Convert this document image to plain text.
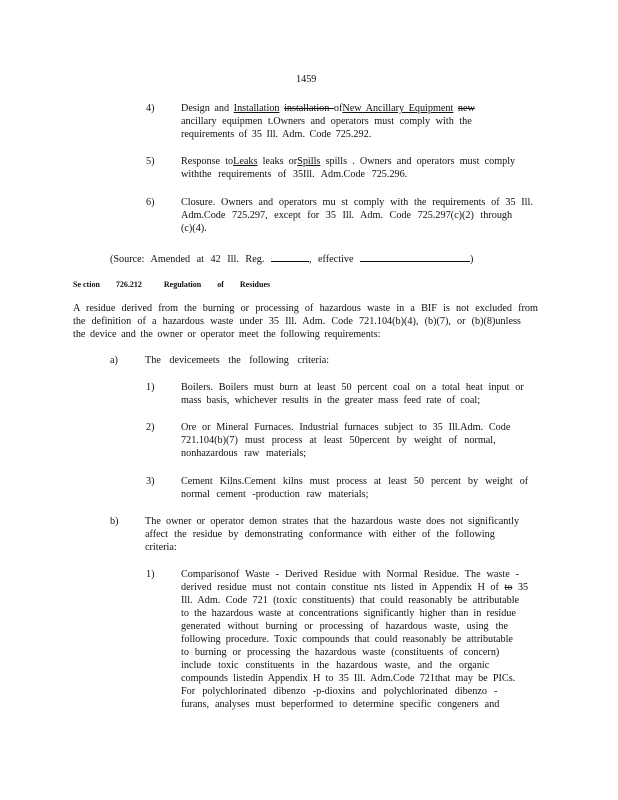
1459
4)	Design and Installation installation ofNew Ancillary Equipment new
ancillary equipmen t.Owners and operators must comply with the
requirements of 35 Ill. Adm. Code 725.292.
5)	Response toLeaks leaks orSpills spills . Owners and operators must comply
withthe requirements of 35Ill. Adm.Code 725.296.
6)	Closure. Owners and operators mu st comply with the requirements of 35 Ill.
Adm.Code 725.297, except for 35 Ill. Adm. Code 725.297(c)(2) through
(c)(4).
(Source: Amended at 42 Ill. Reg.	, effective	)
Se ction 726.212	Regulation of Residues
A residue derived from the burning or processing of hazardous waste in a BIF is not excluded from
the definition of a hazardous waste under 35 Ill. Adm. Code 721.104(b)(4), (b)(7), or (b)(8)unless
the device and the owner or operator meet the following requirements:
a)	The devicemeets the following criteria:
1)	Boilers. Boilers must burn at least 50 percent coal on a total heat input or
mass basis, whichever results in the greater mass feed rate of coal;
2)	Ore or Mineral Furnaces. Industrial furnaces subject to 35 Ill.Adm. Code
721.104(b)(7) must process at least 50percent by weight of normal,
nonhazardous raw materials;
3)	Cement Kilns.Cement kilns must process at least 50 percent by weight of
normal cement -production raw materials;
b)	The owner or operator demon strates that the hazardous waste does not significantly
affect the residue by demonstrating conformance with either of the following
criteria:
1)	Comparisonof Waste - Derived Residue with Normal Residue. The waste -
derived residue must not contain constitue nts listed in Appendix H of to 35
Ill. Adm. Code 721 (toxic constituents) that could reasonably be attributable
to the hazardous waste at concentrations significantly higher than in residue
generated without burning or processing of hazardous waste, using the
following procedure. Toxic compounds that could reasonably be attributable
to burning or processing the hazardous waste (constituents of concern)
include toxic constituents in the hazardous waste, and the organic
compounds listedin Appendix H to 35 Ill. Adm.Code 721that may be PICs.
For polychlorinated dibenzo -p-dioxins and polychlorinated dibenzo -
furans, analyses must beperformed to determine specific congeners and
